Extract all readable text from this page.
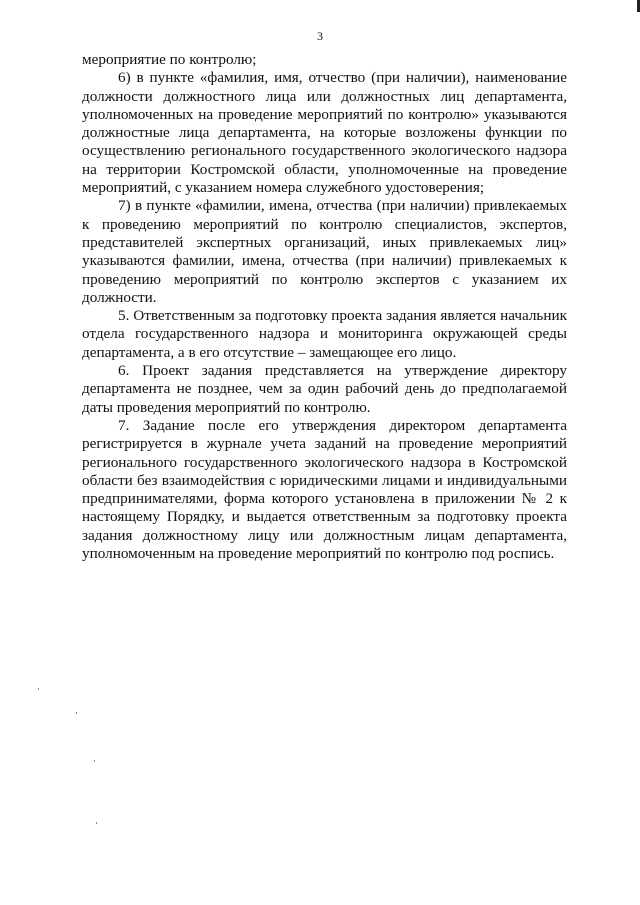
3

мероприятие по контролю;

6) в пункте «фамилия, имя, отчество (при наличии), наименование должности должностного лица или должностных лиц департамента, уполномоченных на проведение мероприятий по контролю» указываются должностные лица департамента, на которые возложены функции по осуществлению регионального государственного экологического надзора на территории Костромской области, уполномоченные на проведение мероприятий, с указанием номера служебного удостоверения;

7) в пункте «фамилии, имена, отчества (при наличии) привлекаемых к проведению мероприятий по контролю специалистов, экспертов, представителей экспертных организаций, иных привлекаемых лиц» указываются фамилии, имена, отчества (при наличии) привлекаемых к проведению мероприятий по контролю экспертов с указанием их должности.

5. Ответственным за подготовку проекта задания является начальник отдела государственного надзора и мониторинга окружающей среды департамента, а в его отсутствие – замещающее его лицо.

6. Проект задания представляется на утверждение директору департамента не позднее, чем за один рабочий день до предполагаемой даты проведения мероприятий по контролю.

7. Задание после его утверждения директором департамента регистрируется в журнале учета заданий на проведение мероприятий регионального государственного экологического надзора в Костромской области без взаимодействия с юридическими лицами и индивидуальными предпринимателями, форма которого установлена в приложении № 2 к настоящему Порядку, и выдается ответственным за подготовку проекта задания должностному лицу или должностным лицам департамента, уполномоченным на проведение мероприятий по контролю под роспись.
